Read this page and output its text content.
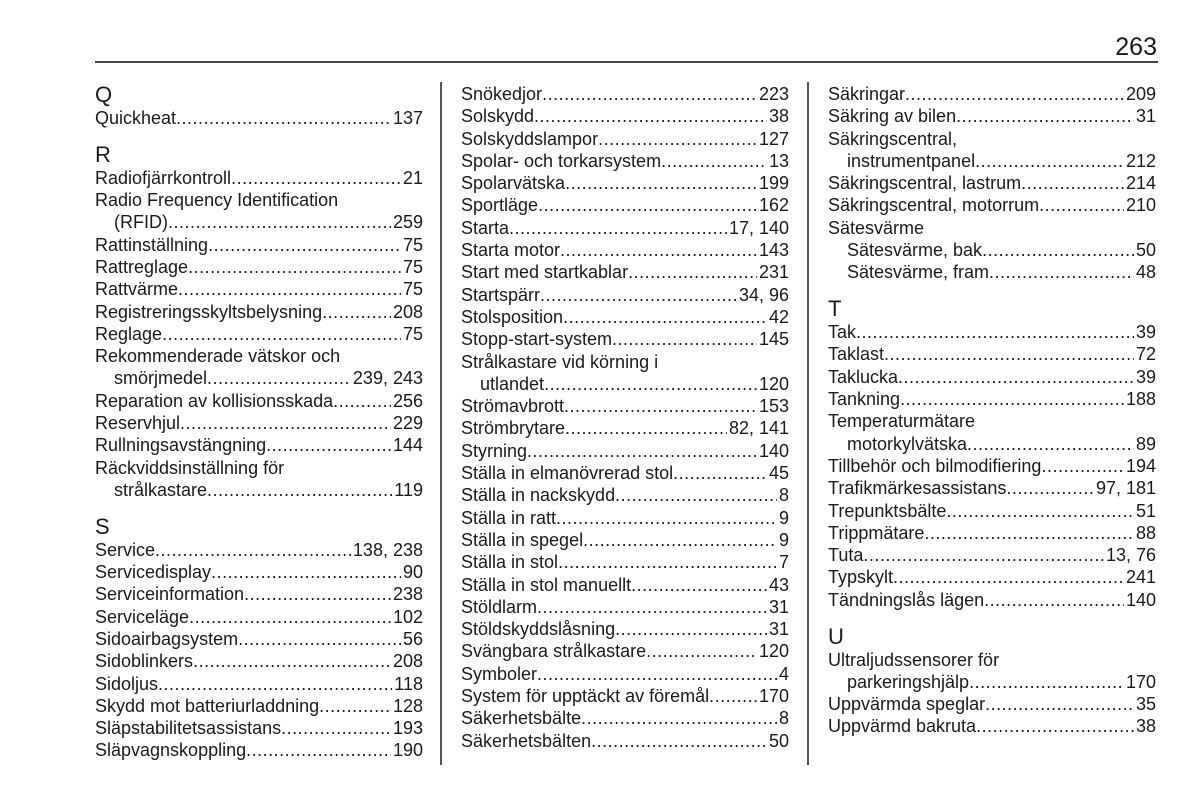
263
Q
Quickheat .....	137
R
Radiofjärrkontroll .....	21
Radio Frequency Identification
(RFID) .....	259
Rattinställning .....	75
Rattreglage .....	75
Rattvärme .....	75
Registreringsskyltsbelysning .....	208
Reglage .....	75
Rekommenderade vätskor och
smörjmedel .....	239, 243
Reparation av kollisionsskada .....	256
Reservhjul .....	229
Rullningsavstängning .....	144
Räckviddsinställning för
strålkastare .....	119
S
Service .....	138, 238
Servicedisplay .....	90
Serviceinformation .....	238
Serviceläge .....	102
Sidoairbagsystem .....	56
Sidoblinkers .....	208
Sidoljus .....	118
Skydd mot batteriurladdning .....	128
Släpstabilitetsassistans .....	193
Släpvagnskoppling .....	190
Snökedjor .....	223
Solskydd .....	38
Solskyddslampor .....	127
Spolar- och torkarsystem .....	13
Spolarvätska .....	199
Sportläge .....	162
Starta .....	17, 140
Starta motor .....	143
Start med startkablar .....	231
Startspärr .....	34, 96
Stolsposition .....	42
Stopp-start-system .....	145
Strålkastare vid körning i
utlandet .....	120
Strömavbrott .....	153
Strömbrytare .....	82, 141
Styrning .....	140
Ställa in elmanövrerad stol .....	45
Ställa in nackskydd .....	8
Ställa in ratt .....	9
Ställa in spegel .....	9
Ställa in stol .....	7
Ställa in stol manuellt .....	43
Stöldlarm .....	31
Stöldskyddslåsning .....	31
Svängbara strålkastare .....	120
Symboler .....	4
System för upptäckt av föremål .....	170
Säkerhetsbälte .....	8
Säkerhetsbälten .....	50
Säkringar .....	209
Säkring av bilen .....	31
Säkringscentral,
instrumentpanel .....	212
Säkringscentral, lastrum .....	214
Säkringscentral, motorrum .....	210
Sätesvärme
Sätesvärme, bak .....	50
Sätesvärme, fram .....	48
T
Tak .....	39
Taklast .....	72
Taklucka .....	39
Tankning .....	188
Temperaturmätare
motorkylvätska .....	89
Tillbehör och bilmodifiering .....	194
Trafikmärkesassistans .....	97, 181
Trepunktsbälte .....	51
Trippmätare .....	88
Tuta .....	13, 76
Typskylt .....	241
Tändningslås lägen .....	140
U
Ultraljudssensorer för
parkeringshjälp .....	170
Uppvärmda speglar .....	35
Uppvärmd bakruta .....	38
